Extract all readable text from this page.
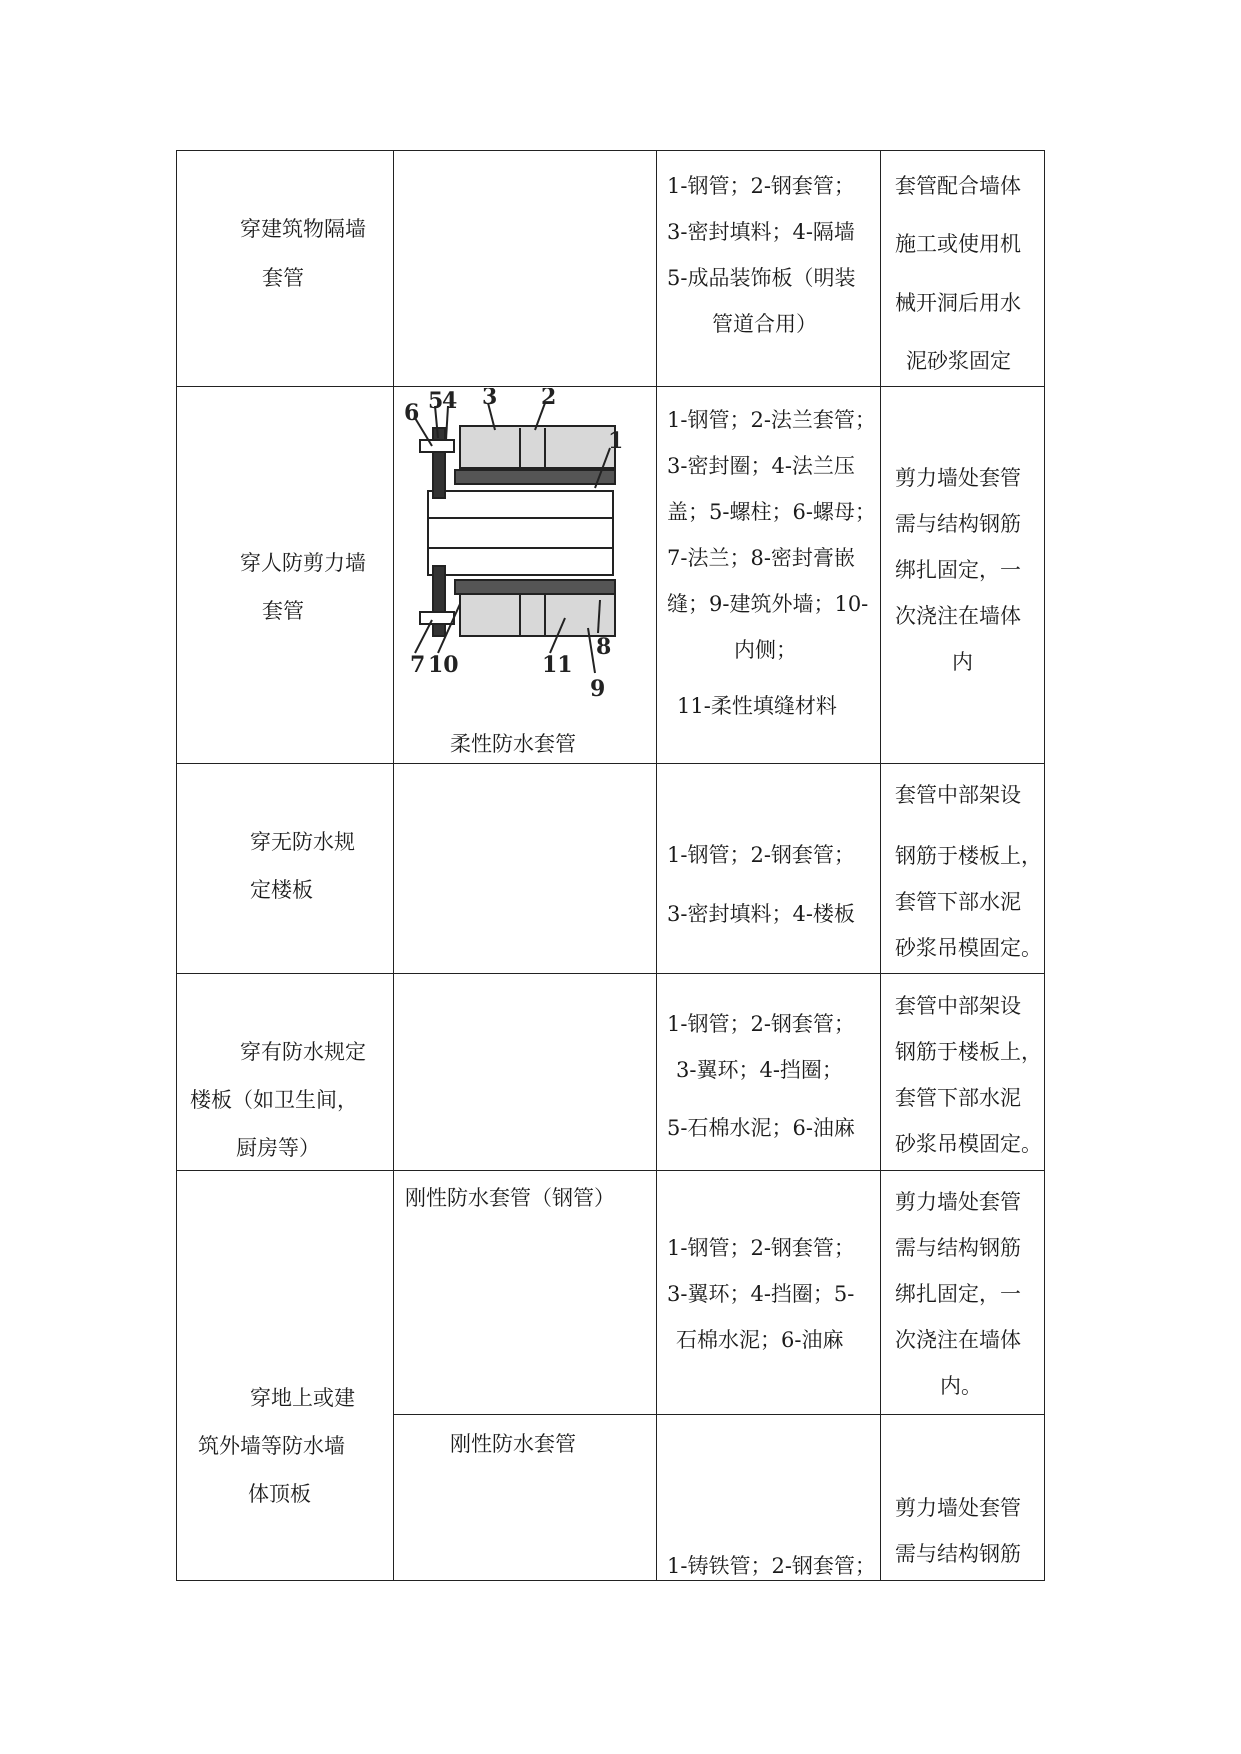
穿建筑物隔墙
套管
1-钢管；2-钢套管；
3-密封填料；4-隔墙
5-成品装饰板（明装
管道合用）
套管配合墙体
施工或使用机
械开洞后用水
泥砂浆固定
穿人防剪力墙
套管
6 5
4 3 2
1
7 10	11
9
8
柔性防水套管
1-钢管；2-法兰套管；
3-密封圈；4-法兰压
盖；5-螺柱；6-螺母；
7-法兰；8-密封膏嵌
缝；9-建筑外墙；10-
内侧；
11-柔性填缝材料
剪力墙处套管
需与结构钢筋
绑扎固定，一
次浇注在墙体
内
穿无防水规
定楼板
1-钢管；2-钢套管；
3-密封填料；4-楼板
套管中部架设
钢筋于楼板上，
套管下部水泥
砂浆吊模固定。
穿有防水规定
楼板（如卫生间，
厨房等）
1-钢管；2-钢套管；
3-翼环；4-挡圈；
5-石棉水泥；6-油麻
套管中部架设
钢筋于楼板上，
套管下部水泥
砂浆吊模固定。
穿地上或建
筑外墙等防水墙
体顶板
刚性防水套管（钢管）
1-钢管；2-钢套管；
3-翼环；4-挡圈；5-
石棉水泥；6-油麻
剪力墙处套管
需与结构钢筋
绑扎固定，一
次浇注在墙体
内。
刚性防水套管
1-铸铁管；2-钢套管；
剪力墙处套管
需与结构钢筋
